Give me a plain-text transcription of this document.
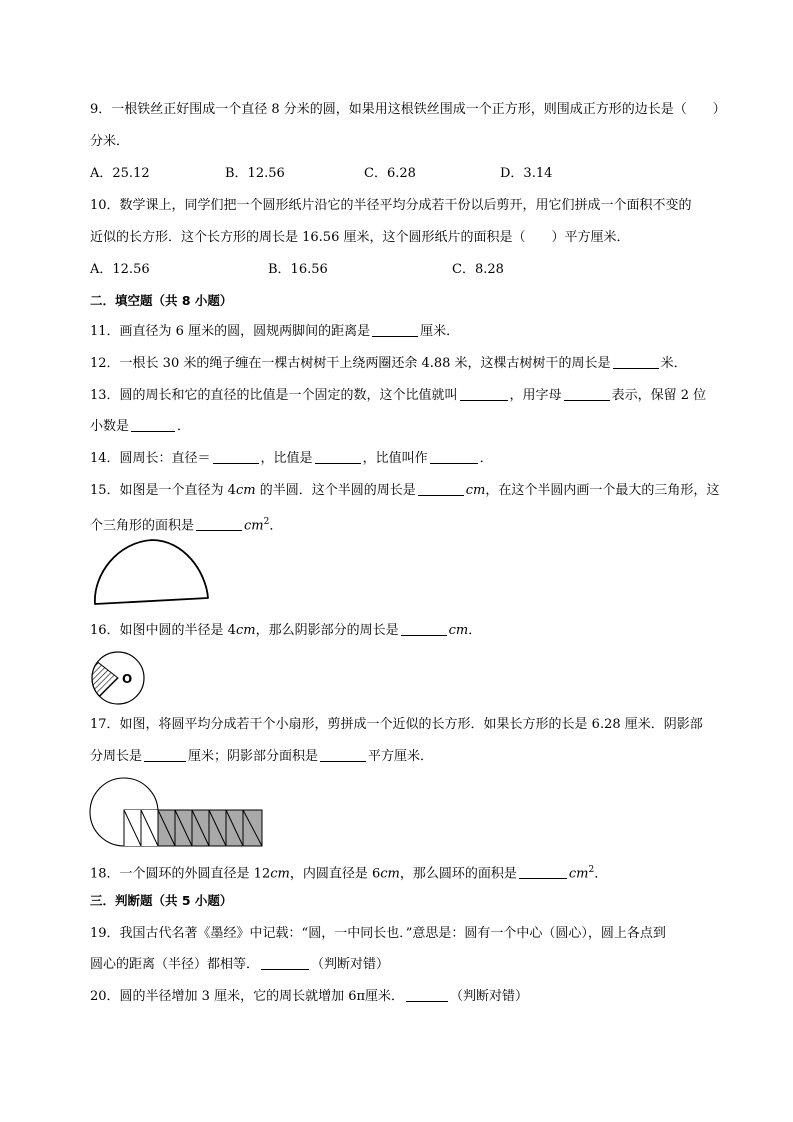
9．一根铁丝正好围成一个直径 8 分米的圆，如果用这根铁丝围成一个正方形，则围成正方形的边长是（　　）
分米．
A．25.12	B．12.56	C．6.28	D．3.14
10．数学课上，同学们把一个圆形纸片沿它的半径平均分成若干份以后剪开，用它们拼成一个面积不变的
近似的长方形．这个长方形的周长是 16.56 厘米，这个圆形纸片的面积是（　　）平方厘米．
A．12.56	B．16.56	C．8.28
二．填空题（共 8 小题）
11．画直径为 6 厘米的圆，圆规两脚间的距离是	厘米．
12．一根长 30 米的绳子缠在一棵古树树干上绕两圈还余 4.88 米，这棵古树树干的周长是	米．
13．圆的周长和它的直径的比值是一个固定的数，这个比值就叫	，用字母	表示，保留 2 位
小数是	．
14．圆周长：直径＝	，比值是	，比值叫作	．
15．如图是一个直径为 4cm 的半圆．这个半圆的周长是	cm，在这个半圆内画一个最大的三角形，这
个三角形的面积是	$cm^2$．
16．如图中圆的半径是 4cm，那么阴影部分的周长是	cm．
O
17．如图，将圆平均分成若干个小扇形，剪拼成一个近似的长方形．如果长方形的长是 6.28 厘米．阴影部
分周长是	厘米；阴影部分面积是	平方厘米．
18．一个圆环的外圆直径是 12cm，内圆直径是 6cm，那么圆环的面积是	$cm^2$．
三．判断题（共 5 小题）
19．我国古代名著《墨经》中记载：“圆，一中同长也．”意思是：圆有一个中心（圆心），圆上各点到
圆心的距离（半径）都相等．	（判断对错）
20．圆的半径增加 3 厘米，它的周长就增加 6π厘米．	（判断对错）
